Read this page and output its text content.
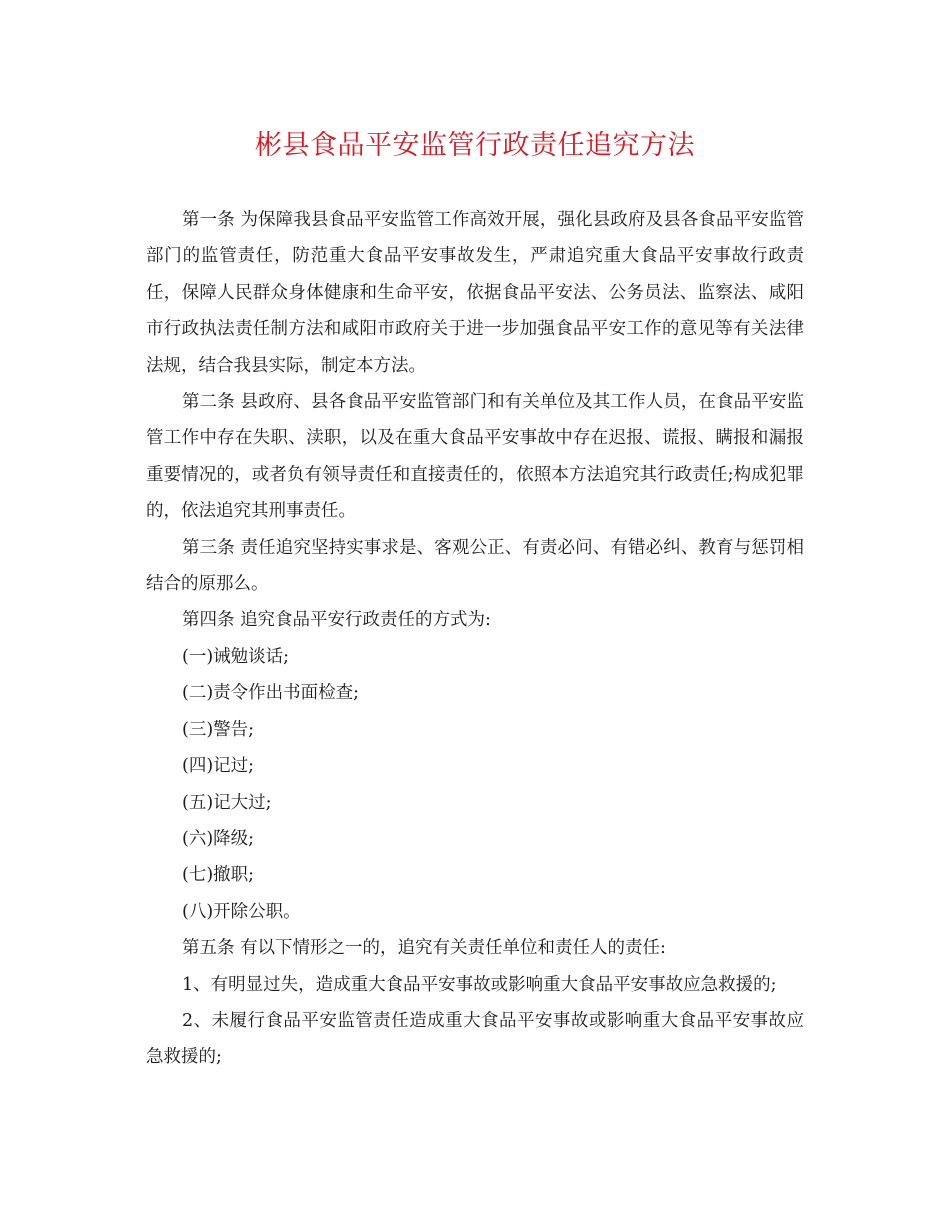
彬县食品平安监管行政责任追究方法

第一条 为保障我县食品平安监管工作高效开展，强化县政府及县各食品平安监管部门的监管责任，防范重大食品平安事故发生，严肃追究重大食品平安事故行政责任，保障人民群众身体健康和生命平安，依据食品平安法、公务员法、监察法、咸阳市行政执法责任制方法和咸阳市政府关于进一步加强食品平安工作的意见等有关法律法规，结合我县实际，制定本方法。

第二条 县政府、县各食品平安监管部门和有关单位及其工作人员，在食品平安监管工作中存在失职、渎职，以及在重大食品平安事故中存在迟报、谎报、瞒报和漏报重要情况的，或者负有领导责任和直接责任的，依照本方法追究其行政责任;构成犯罪的，依法追究其刑事责任。

第三条 责任追究坚持实事求是、客观公正、有责必问、有错必纠、教育与惩罚相结合的原那么。

第四条 追究食品平安行政责任的方式为:

(一)诫勉谈话;

(二)责令作出书面检查;

(三)警告;

(四)记过;

(五)记大过;

(六)降级;

(七)撤职;

(八)开除公职。

第五条 有以下情形之一的，追究有关责任单位和责任人的责任:

1、有明显过失，造成重大食品平安事故或影响重大食品平安事故应急救援的;

2、未履行食品平安监管责任造成重大食品平安事故或影响重大食品平安事故应急救援的;
